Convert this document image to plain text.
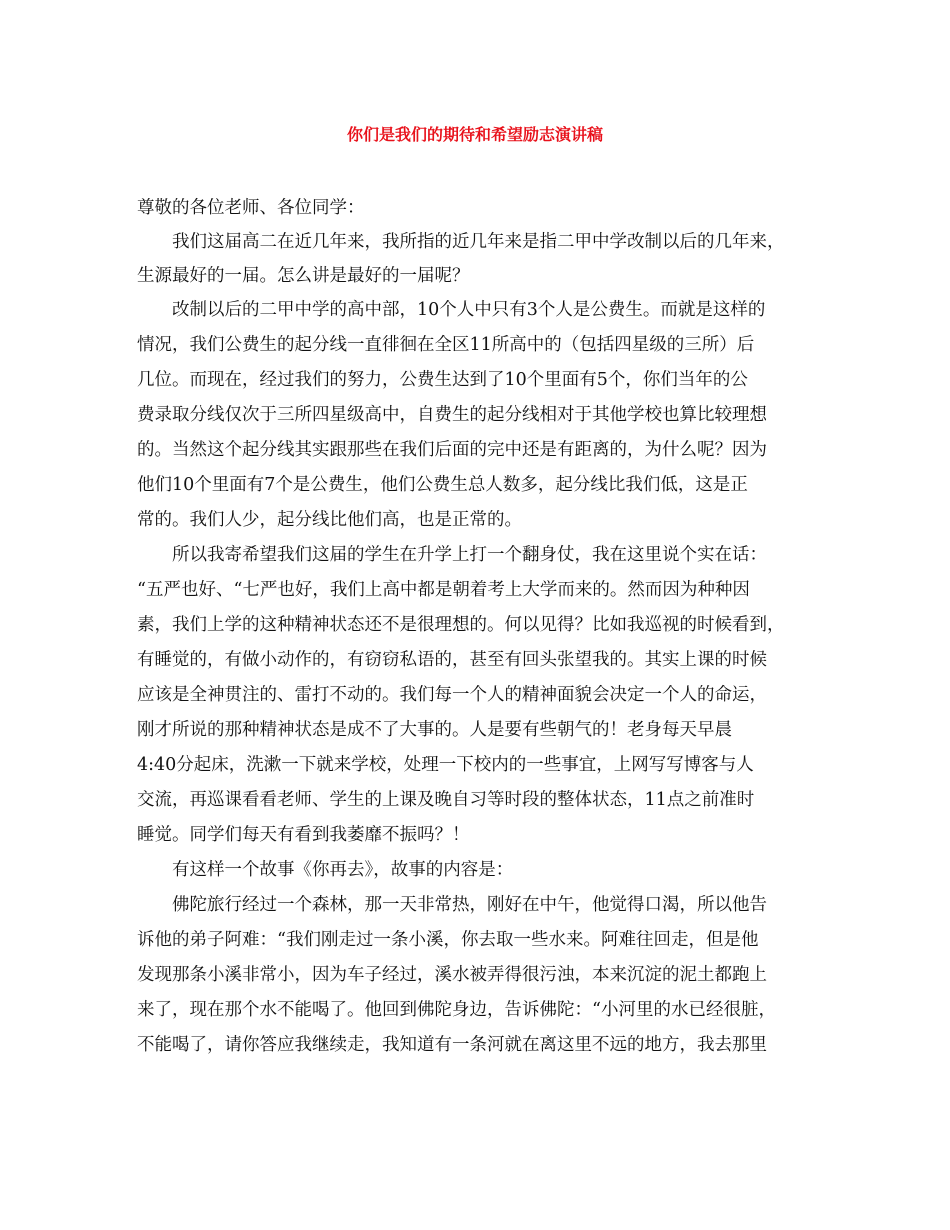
你们是我们的期待和希望励志演讲稿

尊敬的各位老师、各位同学：

　　我们这届高二在近几年来，我所指的近几年来是指二甲中学改制以后的几年来，

生源最好的一届。怎么讲是最好的一届呢？

　　改制以后的二甲中学的高中部，10个人中只有3个人是公费生。而就是这样的

情况，我们公费生的起分线一直徘徊在全区11所高中的（包括四星级的三所）后

几位。而现在，经过我们的努力，公费生达到了10个里面有5个，你们当年的公

费录取分线仅次于三所四星级高中，自费生的起分线相对于其他学校也算比较理想

的。当然这个起分线其实跟那些在我们后面的完中还是有距离的，为什么呢？因为

他们10个里面有7个是公费生，他们公费生总人数多，起分线比我们低，这是正

常的。我们人少，起分线比他们高，也是正常的。

　　所以我寄希望我们这届的学生在升学上打一个翻身仗，我在这里说个实在话：

“五严也好、“七严也好，我们上高中都是朝着考上大学而来的。然而因为种种因

素，我们上学的这种精神状态还不是很理想的。何以见得？比如我巡视的时候看到，

有睡觉的，有做小动作的，有窃窃私语的，甚至有回头张望我的。其实上课的时候

应该是全神贯注的、雷打不动的。我们每一个人的精神面貌会决定一个人的命运，

刚才所说的那种精神状态是成不了大事的。人是要有些朝气的！老身每天早晨

4:40分起床，洗漱一下就来学校，处理一下校内的一些事宜，上网写写博客与人

交流，再巡课看看老师、学生的上课及晚自习等时段的整体状态，11点之前准时

睡觉。同学们每天有看到我萎靡不振吗？！

　　有这样一个故事《你再去》，故事的内容是：

　　佛陀旅行经过一个森林，那一天非常热，刚好在中午，他觉得口渴，所以他告

诉他的弟子阿难：“我们刚走过一条小溪，你去取一些水来。阿难往回走，但是他

发现那条小溪非常小，因为车子经过，溪水被弄得很污浊，本来沉淀的泥土都跑上

来了，现在那个水不能喝了。他回到佛陀身边，告诉佛陀：“小河里的水已经很脏，

不能喝了，请你答应我继续走，我知道有一条河就在离这里不远的地方，我去那里
